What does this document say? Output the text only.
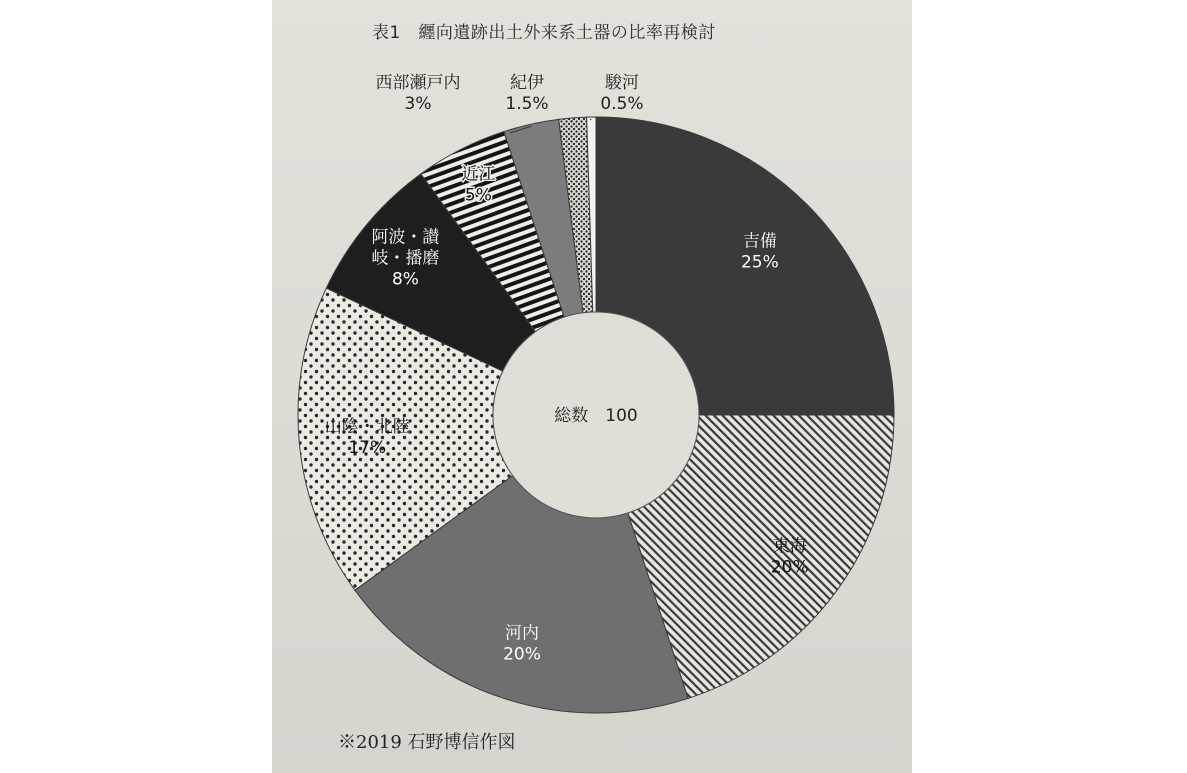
表1　纒向遺跡出土外来系土器の比率再検討
吉備 25%
東海 20%
河内 20%
山陰・北陸 17%
阿波・讃岐・播磨 8%
近江 5%
西部瀬戸内 3%
紀伊 1.5%
駿河 0.5%
総数　100
※2019 石野博信作図
